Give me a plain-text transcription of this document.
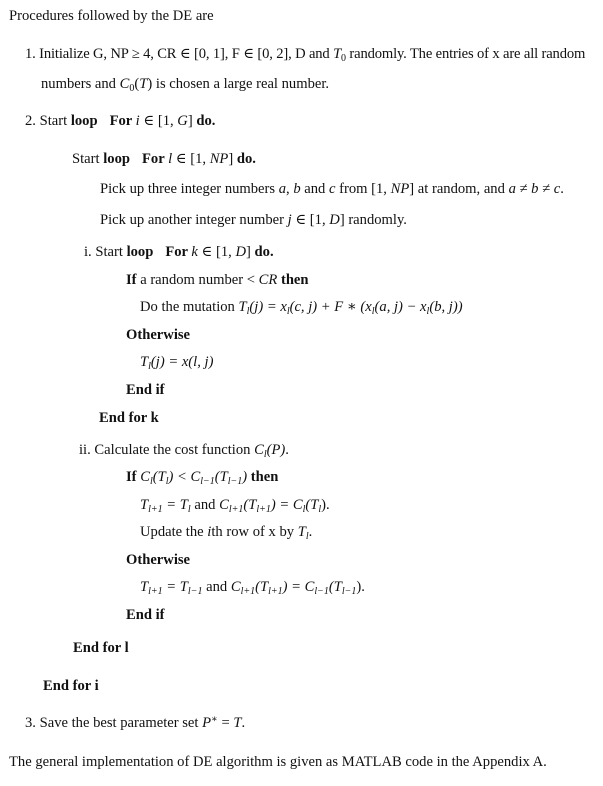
Procedures followed by the DE are
1. Initialize G, NP ≥ 4, CR ∈ [0, 1], F ∈ [0, 2], D and $T_0$ randomly. The entries of x are all random
numbers and $C_0(T)$ is chosen a large real number.
2. Start loop For i ∈ [1, G] do.
Start loop For l ∈ [1, NP] do.
Pick up three integer numbers a, b and c from [1, NP] at random, and a ≠ b ≠ c.
Pick up another integer number j ∈ [1, D] randomly.
i. Start loop For k ∈ [1, D] do.
If a random number < CR then
Do the mutation $T_l(j) = x_l(c$, j) + F ∗ ($x_l(a$, $j) - x_l(b$, j))
Otherwise
$T_l(j) = x(l$, j)
End if
End for k
ii. Calculate the cost function $C_l(P)$.
If $C_l(T_l) < C_{l-1}(T_{l-1})$ then
$T_{l+1} = T_l$ and $C_{l+1}(T_{l+1}) = C_l(T_l)$.
Update the ith row of x by $T_l$.
Otherwise
$T_{l+1} = T_{l-1}$ and $C_{l+1}(T_{l+1}) = C_{l-1}(T_{l-1})$.
End if
End for l
End for i
3. Save the best parameter set P∗ = T.
The general implementation of DE algorithm is given as MATLAB code in the Appendix A.
